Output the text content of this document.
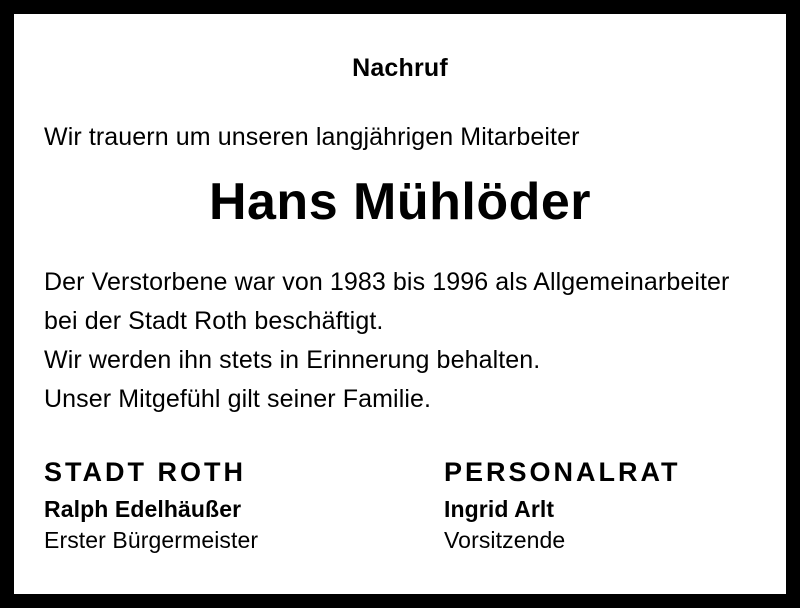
Nachruf
Wir trauern um unseren langjährigen Mitarbeiter
Hans Mühlöder

Der Verstorbene war von 1983 bis 1996 als Allgemeinarbeiter

bei der Stadt Roth beschäftigt.

Wir werden ihn stets in Erinnerung behalten.

Unser Mitgefühl gilt seiner Familie.

STADT ROTH
Ralph Edelhäußer
Erster Bürgermeister
PERSONALRAT
Ingrid Arlt
Vorsitzende
